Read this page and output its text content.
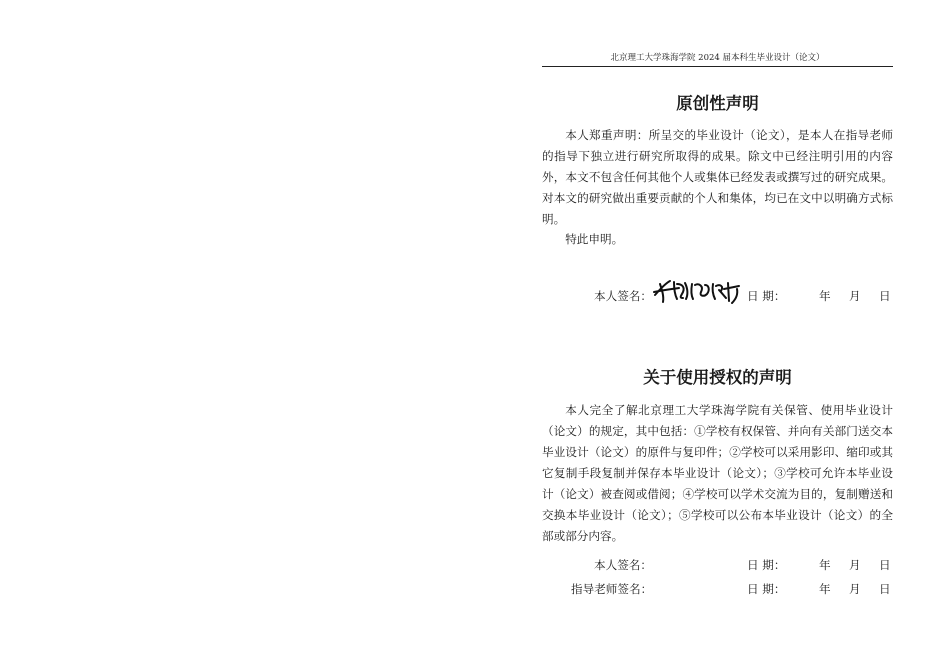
北京理工大学珠海学院 2024 届本科生毕业设计（论文）
原创性声明

本人郑重声明：所呈交的毕业设计（论文），是本人在指导老师的指导下独立进行研究所取得的成果。除文中已经注明引用的内容外，本文不包含任何其他个人或集体已经发表或撰写过的研究成果。对本文的研究做出重要贡献的个人和集体，均已在文中以明确方式标明。

特此申明。

本人签名：	日 期：	年 月 日
关于使用授权的声明

本人完全了解北京理工大学珠海学院有关保管、使用毕业设计（论文）的规定，其中包括：①学校有权保管、并向有关部门送交本毕业设计（论文）的原件与复印件；②学校可以采用影印、缩印或其它复制手段复制并保存本毕业设计（论文）；③学校可允许本毕业设计（论文）被查阅或借阅；④学校可以学术交流为目的，复制赠送和交换本毕业设计（论文）；⑤学校可以公布本毕业设计（论文）的全部或部分内容。

本人签名：	日 期：	年 月 日
指导老师签名：	日 期：	年 月 日
